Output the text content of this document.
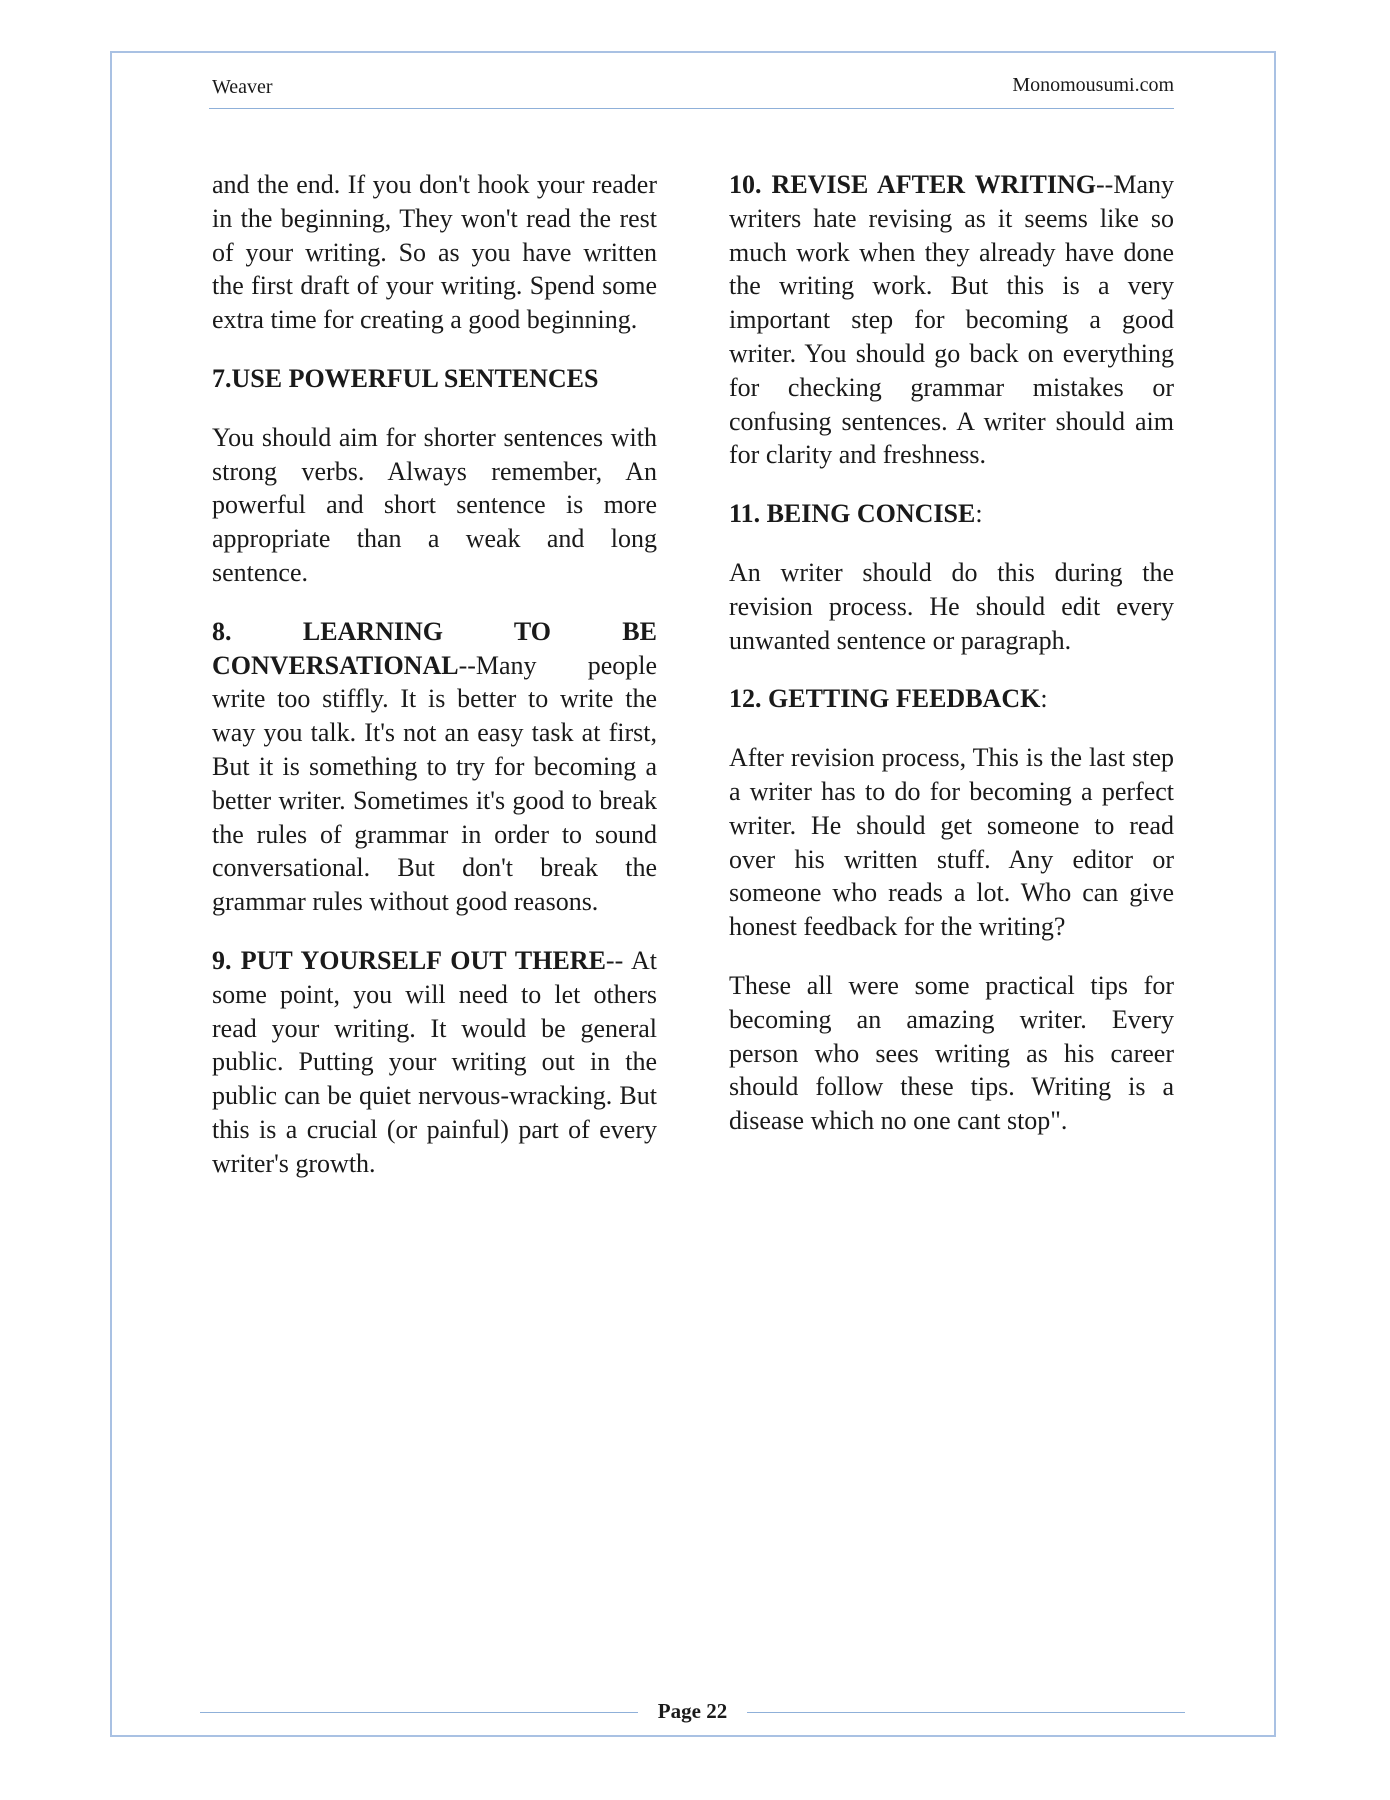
Weaver	Monomousumi.com

and the end. If you don't hook your reader in the beginning, They won't read the rest of your writing. So as you have written the first draft of your writing. Spend some extra time for creating a good beginning.

7.USE POWERFUL SENTENCES

You should aim for shorter sentences with strong verbs. Always remember, An powerful and short sentence is more appropriate than a weak and long sentence.

8. LEARNING TO BE CONVERSATIONAL--Many people write too stiffly. It is better to write the way you talk. It's not an easy task at first, But it is something to try for becoming a better writer. Sometimes it's good to break the rules of grammar in order to sound conversational. But don't break the grammar rules without good reasons.

9. PUT YOURSELF OUT THERE-- At some point, you will need to let others read your writing. It would be general public. Putting your writing out in the public can be quiet nervous-wracking. But this is a crucial (or painful) part of every writer's growth.

10. REVISE AFTER WRITING--Many writers hate revising as it seems like so much work when they already have done the writing work. But this is a very important step for becoming a good writer. You should go back on everything for checking grammar mistakes or confusing sentences. A writer should aim for clarity and freshness.

11. BEING CONCISE:

An writer should do this during the revision process. He should edit every unwanted sentence or paragraph.

12. GETTING FEEDBACK:

After revision process, This is the last step a writer has to do for becoming a perfect writer. He should get someone to read over his written stuff. Any editor or someone who reads a lot. Who can give honest feedback for the writing?

These all were some practical tips for becoming an amazing writer. Every person who sees writing as his career should follow these tips. Writing is a disease which no one cant stop".

Page 22
